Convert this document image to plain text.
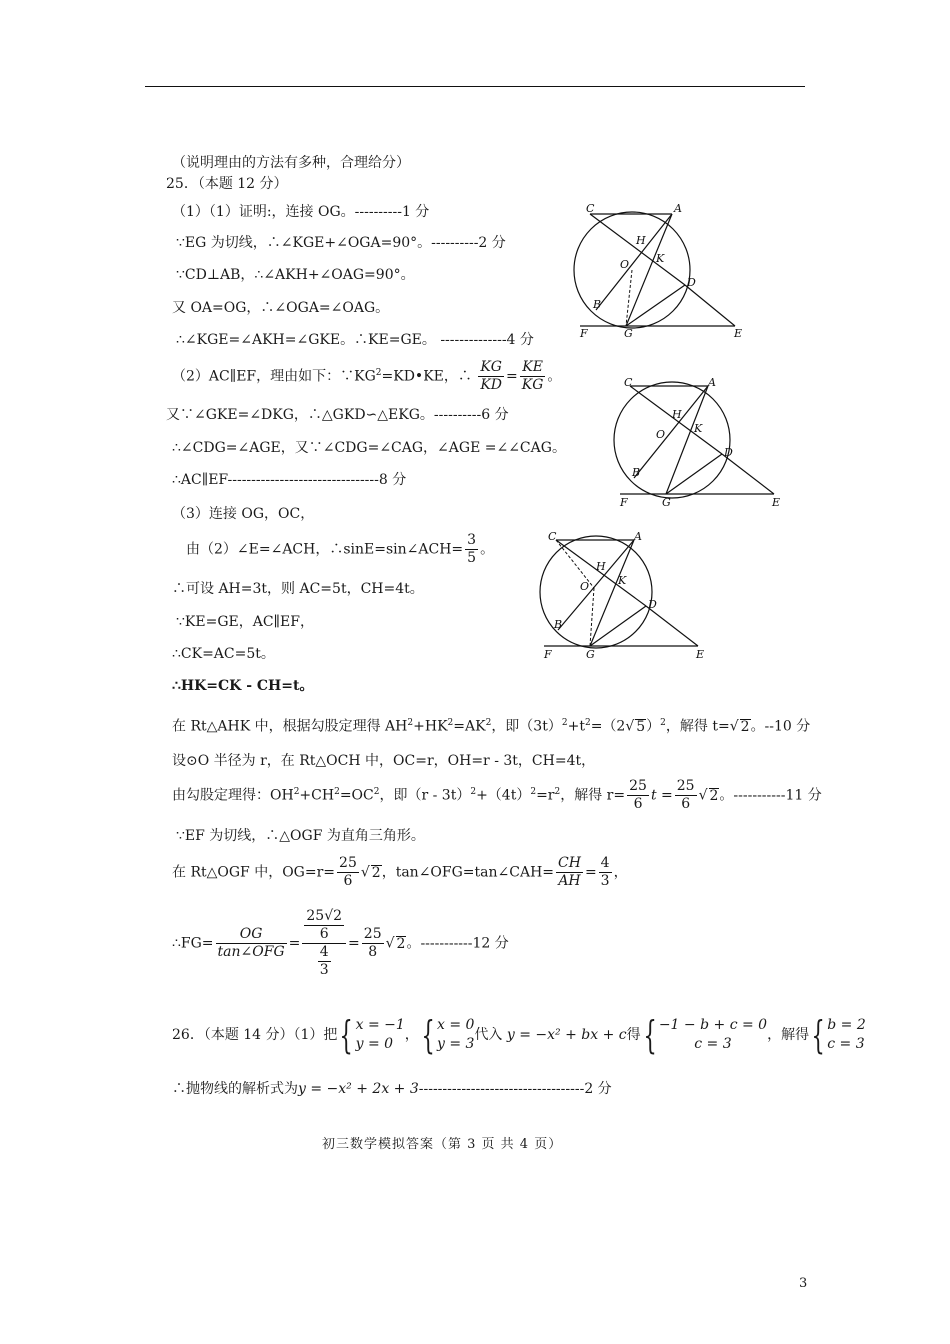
（说明理由的方法有多种，合理给分）
25．（本题 12 分）
（1）（1）证明:，连接 OG。----------1 分
∵EG 为切线，∴∠KGE+∠OGA=90°。----------2 分
∵CD⊥AB，∴∠AKH+∠OAG=90°。
又 OA=OG，∴∠OGA=∠OAG。
∴∠KGE=∠AKH=∠GKE。∴KE=GE。 --------------4 分
（2）AC∥EF，理由如下：$\because KG^2=KD•KE$，∴ $\frac{KG}{KD} = \frac{KE}{KG}$ 。
又∵∠GKE=∠DKG，∴△GKD∽△EKG。----------6 分
∴∠CDG=∠AGE，又∵∠CDG=∠CAG，∠AGE =∠∠CAG。
∴AC∥EF--------------------------------8 分
（3）连接 OG，OC，
由（2）∠E=∠ACH，∴sinE=sin∠ACH= $\frac{3}{5}$ 。
∴可设 AH=3t，则 AC=5t，CH=4t。
∵KE=GE，AC∥EF，
∴CK=AC=5t。
∴HK=CK - CH=t。
在 Rt△AHK 中，根据勾股定理得 $AH^2+HK^2=AK^2$，即$(3t)^2+t^2=(2√$ 5）$^2$，解得 t=√ 2。--10 分
设⊙O 半径为 r，在 Rt△OCH 中，OC=r，OH=r - 3t，CH=4t，
由勾股定理得：$OH^2+CH^2=OC^2$，即$(r - 3t)^2+(4t)^2=r^2$，解得 $r= \frac{25}{6}$ $t = \frac{25}{6}$ √ 2。-----------11 分
∵EF 为切线，∴△OGF 为直角三角形。
在 Rt△OGF 中，$OG=r= \frac{25}{6}$ √ 2，tan∠OFG=tan∠CAH= $\frac{CH}{AH} = \frac{4}{3}$ ，
∴FG= $\frac{OG}{\text{tan∠OFG}} = \frac{\frac{25√2}{6}}{\frac{4}{3}} = \frac{25}{8}$ √ 2。-----------12 分
26．（本题 14 分）（1）把{ x = −1
y = 0
，{ x = 0
y = 3
代入 y = −x² + bx + c得{ −1 − b + c = 0
c = 3
，解得{ b = 2
c = 3
∴抛物线的解析式为y = −x² + 2x + 3-----------------------------------2 分
初三数学模拟答案（第 3 页 共 4 页）
3
C	A
H
O K
D
B
F	G	E
C	A
H
O	K
D
B
F	G	E
C	A
H
O	K
D
B
F	G	E
